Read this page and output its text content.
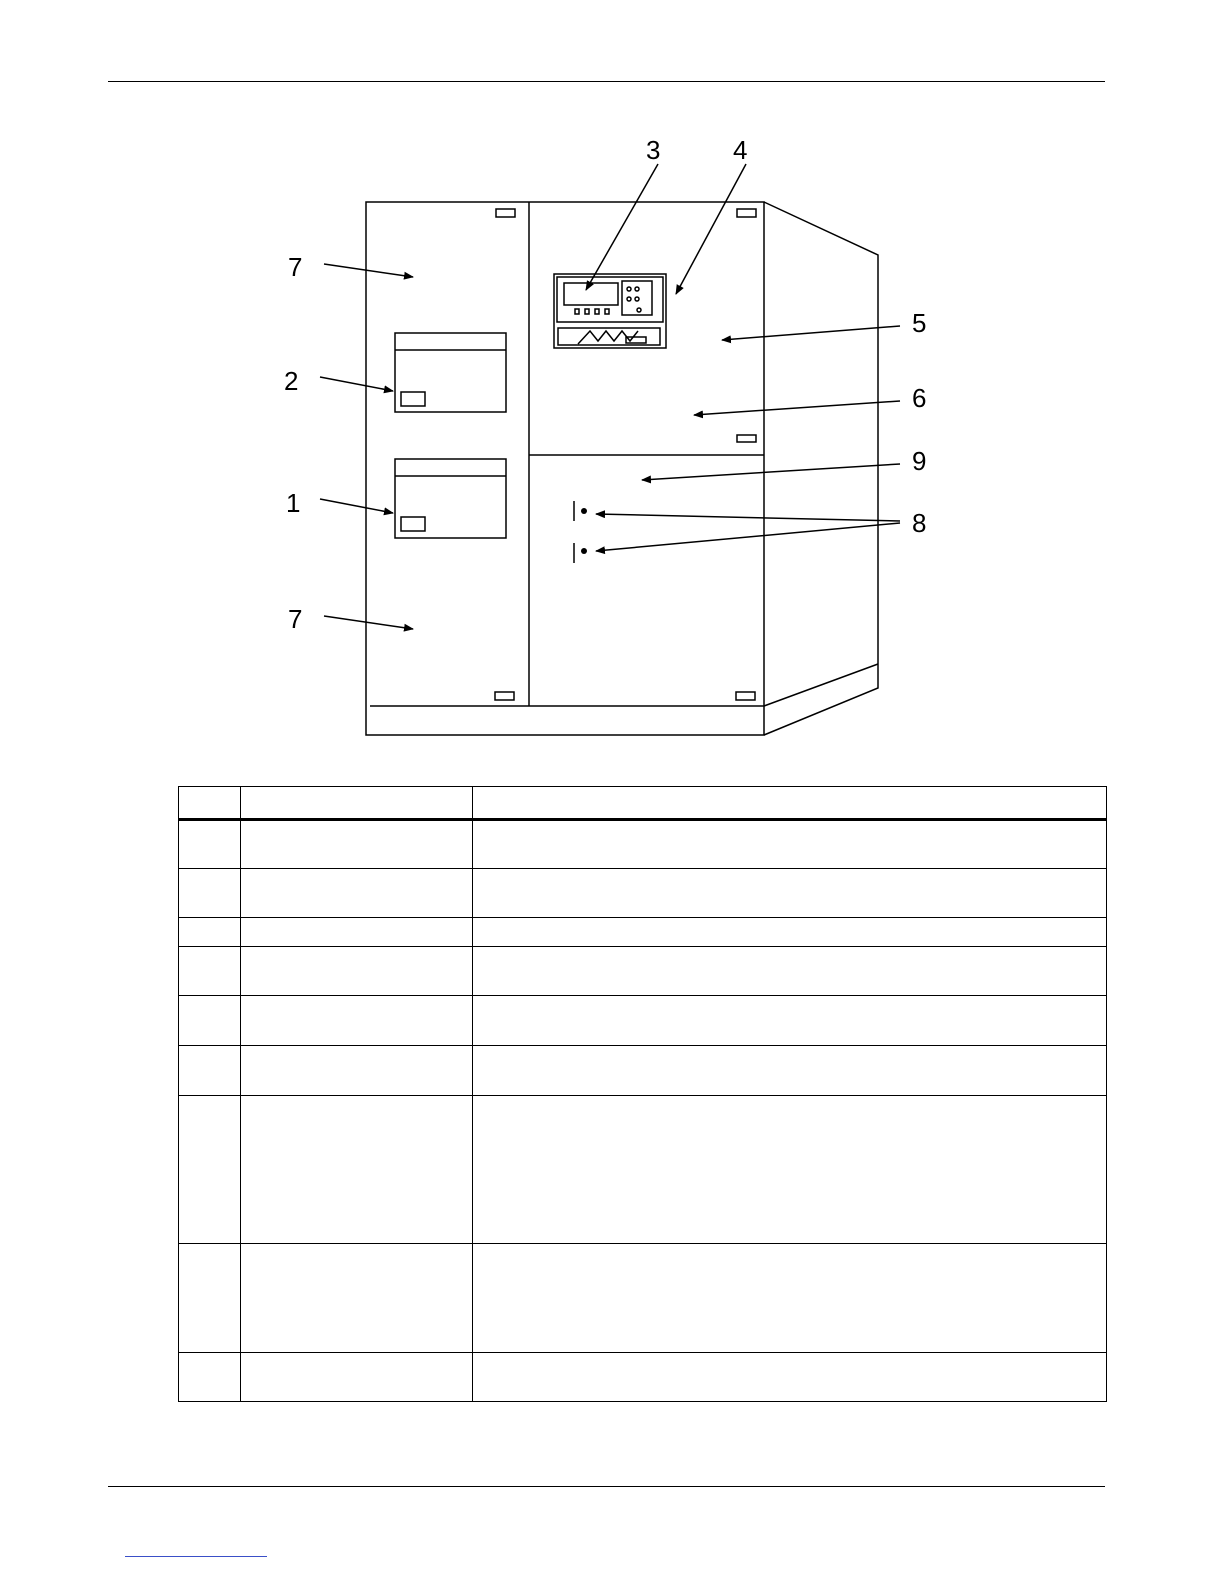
3	4
7
2
1
7
5
6
9
8
